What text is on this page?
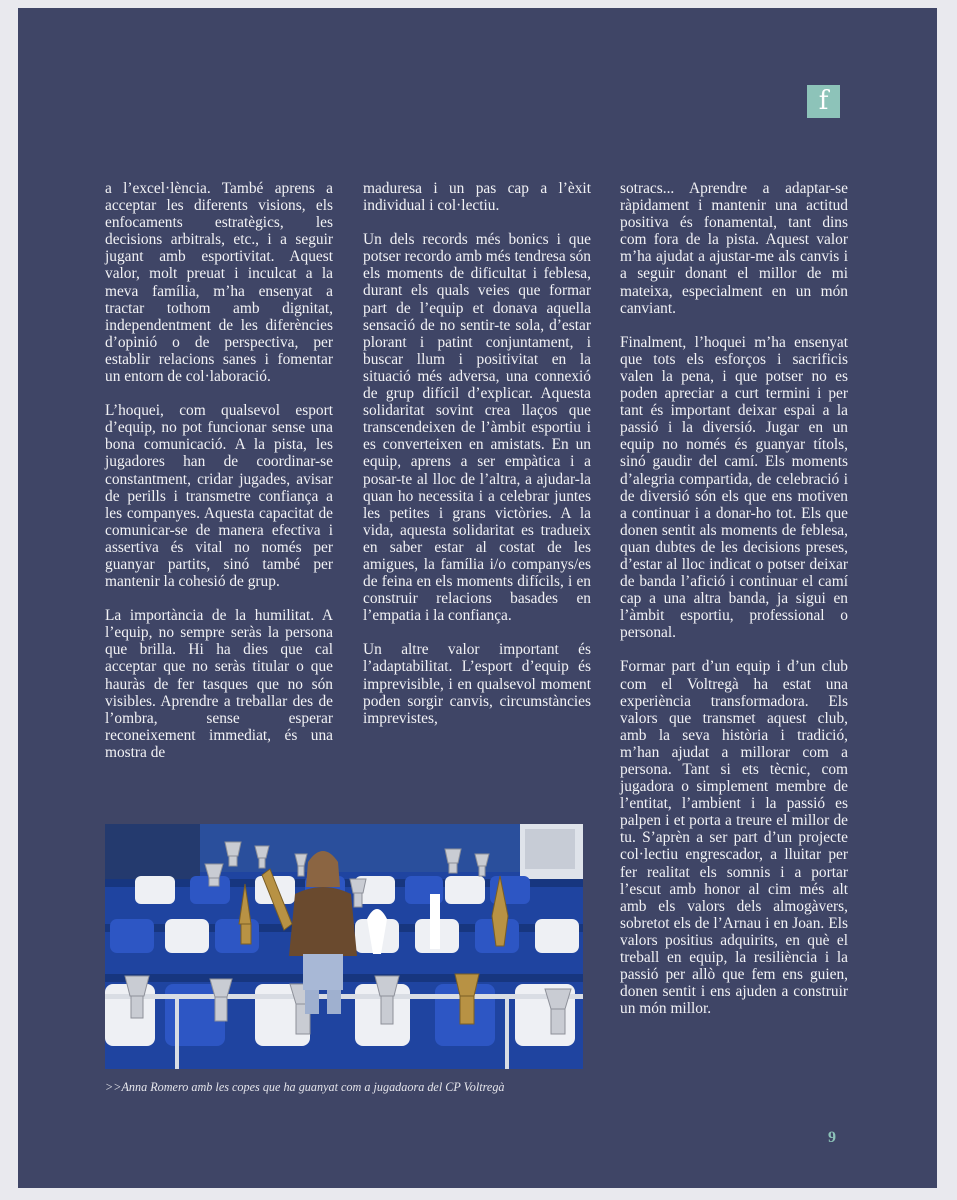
f

a l’excel·lència. També aprens a acceptar les diferents visions, els enfocaments estratègics, les decisions arbitrals, etc., i a seguir jugant amb esportivitat. Aquest valor, molt preuat i inculcat a la meva família, m’ha ensenyat a tractar tothom amb dignitat, independentment de les diferències d’opinió o de perspectiva, per establir relacions sanes i fomentar un entorn de col·laboració.

L’hoquei, com qualsevol esport d’equip, no pot funcionar sense una bona comunicació. A la pista, les jugadores han de coordinar-se constantment, cridar jugades, avisar de perills i transmetre confiança a les companyes. Aquesta capacitat de comunicar-se de manera efectiva i assertiva és vital no només per guanyar partits, sinó també per mantenir la cohesió de grup.

La importància de la humilitat. A l’equip, no sempre seràs la persona que brilla. Hi ha dies que cal acceptar que no seràs titular o que hauràs de fer tasques que no són visibles. Aprendre a treballar des de l’ombra, sense esperar reconeixement immediat, és una mostra de

maduresa i un pas cap a l’èxit individual i col·lectiu.

Un dels records més bonics i que potser recordo amb més tendresa són els moments de dificultat i feblesa, durant els quals veies que formar part de l’equip et donava aquella sensació de no sentir-te sola, d’estar plorant i patint conjuntament, i buscar llum i positivitat en la situació més adversa, una connexió de grup difícil d’explicar. Aquesta solidaritat sovint crea llaços que transcendeixen de l’àmbit esportiu i es converteixen en amistats. En un equip, aprens a ser empàtica i a posar-te al lloc de l’altra, a ajudar-la quan ho necessita i a celebrar juntes les petites i grans victòries. A la vida, aquesta solidaritat es tradueix en saber estar al costat de les amigues, la família i/o companys/es de feina en els moments difícils, i en construir relacions basades en l’empatia i la confiança.

Un altre valor important és l’adaptabilitat. L’esport d’equip és imprevisible, i en qualsevol moment poden sorgir canvis, circumstàncies imprevistes,

sotracs... Aprendre a adaptar-se ràpidament i mantenir una actitud positiva és fonamental, tant dins com fora de la pista. Aquest valor m’ha ajudat a ajustar-me als canvis i a seguir donant el millor de mi mateixa, especialment en un món canviant.

Finalment, l’hoquei m’ha ensenyat que tots els esforços i sacrificis valen la pena, i que potser no es poden apreciar a curt termini i per tant és important deixar espai a la passió i la diversió. Jugar en un equip no només és guanyar títols, sinó gaudir del camí. Els moments d’alegria compartida, de celebració i de diversió són els que ens motiven a continuar i a donar-ho tot. Els que donen sentit als moments de feblesa, quan dubtes de les decisions preses, d’estar al lloc indicat o potser deixar de banda l’afició i continuar el camí cap a una altra banda, ja sigui en l’àmbit esportiu, professional o personal.

Formar part d’un equip i d’un club com el Voltregà ha estat una experiència transformadora. Els valors que transmet aquest club, amb la seva història i tradició, m’han ajudat a millorar com a persona. Tant si ets tècnic, com jugadora o simplement membre de l’entitat, l’ambient i la passió es palpen i et porta a treure el millor de tu. S’aprèn a ser part d’un projecte col·lectiu engrescador, a lluitar per fer realitat els somnis i a portar l’escut amb honor al cim més alt amb els valors dels almogàvers, sobretot els de l’Arnau i en Joan. Els valors positius adquirits, en què el treball en equip, la resiliència i la passió per allò que fem ens guien, donen sentit i ens ajuden a construir un món millor.

>>Anna Romero amb les copes que ha guanyat com a jugadaora del CP Voltregà
9
